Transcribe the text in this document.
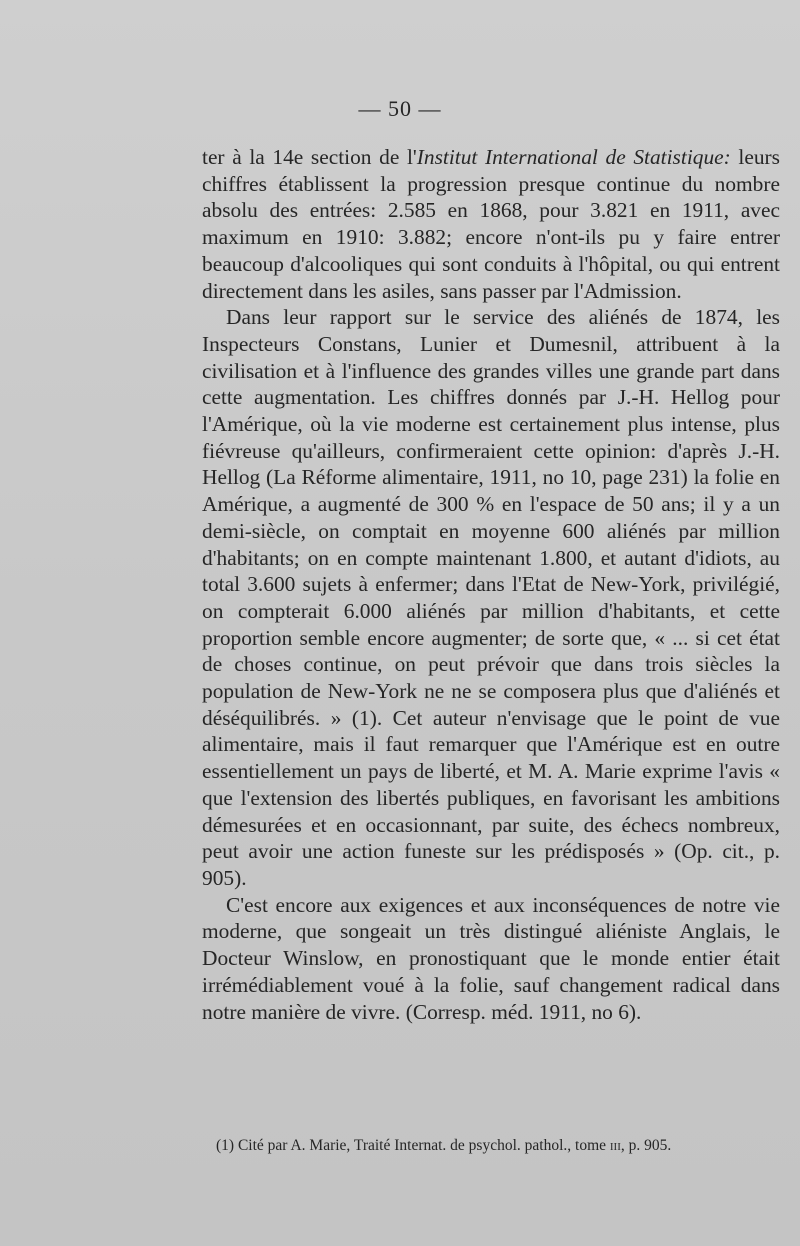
— 50 —

ter à la 14e section de l'Institut International de Statistique: leurs chiffres établissent la progression presque continue du nombre absolu des entrées: 2.585 en 1868, pour 3.821 en 1911, avec maximum en 1910: 3.882; encore n'ont-ils pu y faire entrer beaucoup d'alcooliques qui sont conduits à l'hôpital, ou qui entrent directement dans les asiles, sans passer par l'Admission.

Dans leur rapport sur le service des aliénés de 1874, les Inspecteurs Constans, Lunier et Dumesnil, attribuent à la civilisation et à l'influence des grandes villes une grande part dans cette augmentation. Les chiffres donnés par J.-H. Hellog pour l'Amérique, où la vie moderne est certainement plus intense, plus fiévreuse qu'ailleurs, confirmeraient cette opinion: d'après J.-H. Hellog (La Réforme alimentaire, 1911, no 10, page 231) la folie en Amérique, a augmenté de 300 % en l'espace de 50 ans; il y a un demi-siècle, on comptait en moyenne 600 aliénés par million d'habitants; on en compte maintenant 1.800, et autant d'idiots, au total 3.600 sujets à enfermer; dans l'Etat de New-York, privilégié, on compterait 6.000 aliénés par million d'habitants, et cette proportion semble encore augmenter; de sorte que, « ... si cet état de choses continue, on peut prévoir que dans trois siècles la population de New-York ne ne se composera plus que d'aliénés et déséquilibrés. » (1). Cet auteur n'envisage que le point de vue alimentaire, mais il faut remarquer que l'Amérique est en outre essentiellement un pays de liberté, et M. A. Marie exprime l'avis « que l'extension des libertés publiques, en favorisant les ambitions démesurées et en occasionnant, par suite, des échecs nombreux, peut avoir une action funeste sur les prédisposés » (Op. cit., p. 905).

C'est encore aux exigences et aux inconséquences de notre vie moderne, que songeait un très distingué aliéniste Anglais, le Docteur Winslow, en pronostiquant que le monde entier était irrémédiablement voué à la folie, sauf changement radical dans notre manière de vivre. (Corresp. méd. 1911, no 6).

(1) Cité par A. Marie, Traité Internat. de psychol. pathol., tome iii, p. 905.
